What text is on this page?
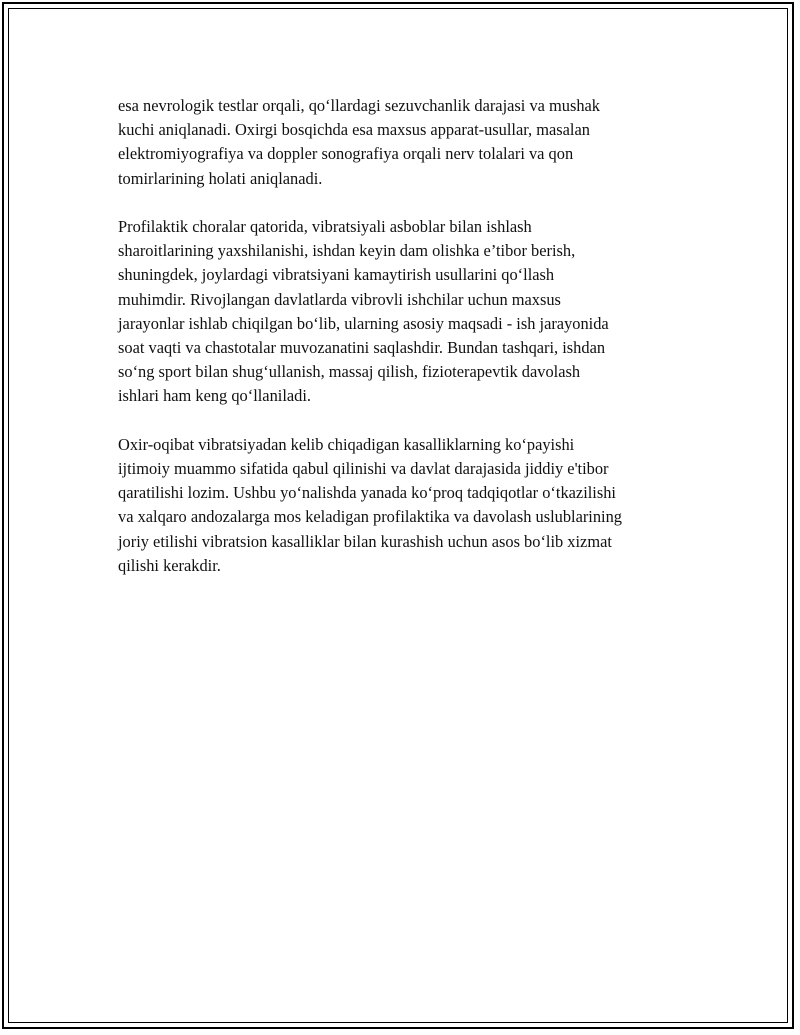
esa nevrologik testlar orqali, qo‘llardagi sezuvchanlik darajasi va mushak
kuchi aniqlanadi. Oxirgi bosqichda esa maxsus apparat-usullar, masalan
elektromiyografiya va doppler sonografiya orqali nerv tolalari va qon
tomirlarining holati aniqlanadi.

Profilaktik choralar qatorida, vibratsiyali asboblar bilan ishlash
sharoitlarining yaxshilanishi, ishdan keyin dam olishka e’tibor berish,
shuningdek, joylardagi vibratsiyani kamaytirish usullarini qo‘llash
muhimdir. Rivojlangan davlatlarda vibrovli ishchilar uchun maxsus
jarayonlar ishlab chiqilgan bo‘lib, ularning asosiy maqsadi - ish jarayonida
soat vaqti va chastotalar muvozanatini saqlashdir. Bundan tashqari, ishdan
so‘ng sport bilan shug‘ullanish, massaj qilish, fizioterapevtik davolash
ishlari ham keng qo‘llaniladi.

Oxir-oqibat vibratsiyadan kelib chiqadigan kasalliklarning ko‘payishi
ijtimoiy muammo sifatida qabul qilinishi va davlat darajasida jiddiy e'tibor
qaratilishi lozim. Ushbu yo‘nalishda yanada ko‘proq tadqiqotlar o‘tkazilishi
va xalqaro andozalarga mos keladigan profilaktika va davolash uslublarining
joriy etilishi vibratsion kasalliklar bilan kurashish uchun asos bo‘lib xizmat
qilishi kerakdir.
